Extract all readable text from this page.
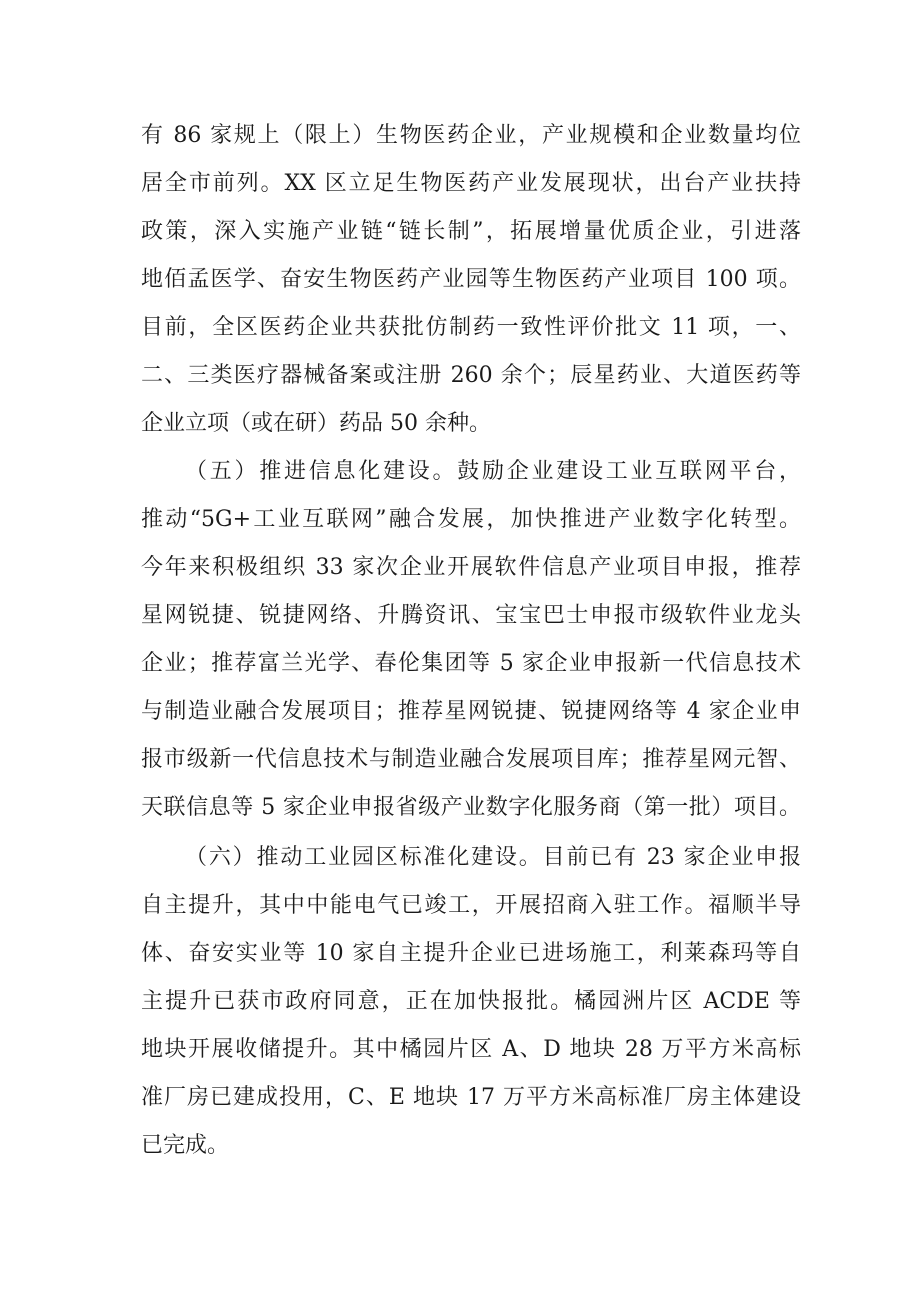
有 86 家规上（限上）生物医药企业，产业规模和企业数量均位
居全市前列。XX 区立足生物医药产业发展现状，出台产业扶持
政策，深入实施产业链“链长制”，拓展增量优质企业，引进落
地佰孟医学、奋安生物医药产业园等生物医药产业项目 100 项。
目前，全区医药企业共获批仿制药一致性评价批文 11 项，一、
二、三类医疗器械备案或注册 260 余个；辰星药业、大道医药等
企业立项（或在研）药品 50 余种。
（五）推进信息化建设。鼓励企业建设工业互联网平台，
推动“5G+工业互联网”融合发展，加快推进产业数字化转型。
今年来积极组织 33 家次企业开展软件信息产业项目申报，推荐
星网锐捷、锐捷网络、升腾资讯、宝宝巴士申报市级软件业龙头
企业；推荐富兰光学、春伦集团等 5 家企业申报新一代信息技术
与制造业融合发展项目；推荐星网锐捷、锐捷网络等 4 家企业申
报市级新一代信息技术与制造业融合发展项目库；推荐星网元智、
天联信息等 5 家企业申报省级产业数字化服务商（第一批）项目。
（六）推动工业园区标准化建设。目前已有 23 家企业申报
自主提升，其中中能电气已竣工，开展招商入驻工作。福顺半导
体、奋安实业等 10 家自主提升企业已进场施工，利莱森玛等自
主提升已获市政府同意，正在加快报批。橘园洲片区 ACDE 等
地块开展收储提升。其中橘园片区 A、D 地块 28 万平方米高标
准厂房已建成投用，C、E 地块 17 万平方米高标准厂房主体建设
已完成。
